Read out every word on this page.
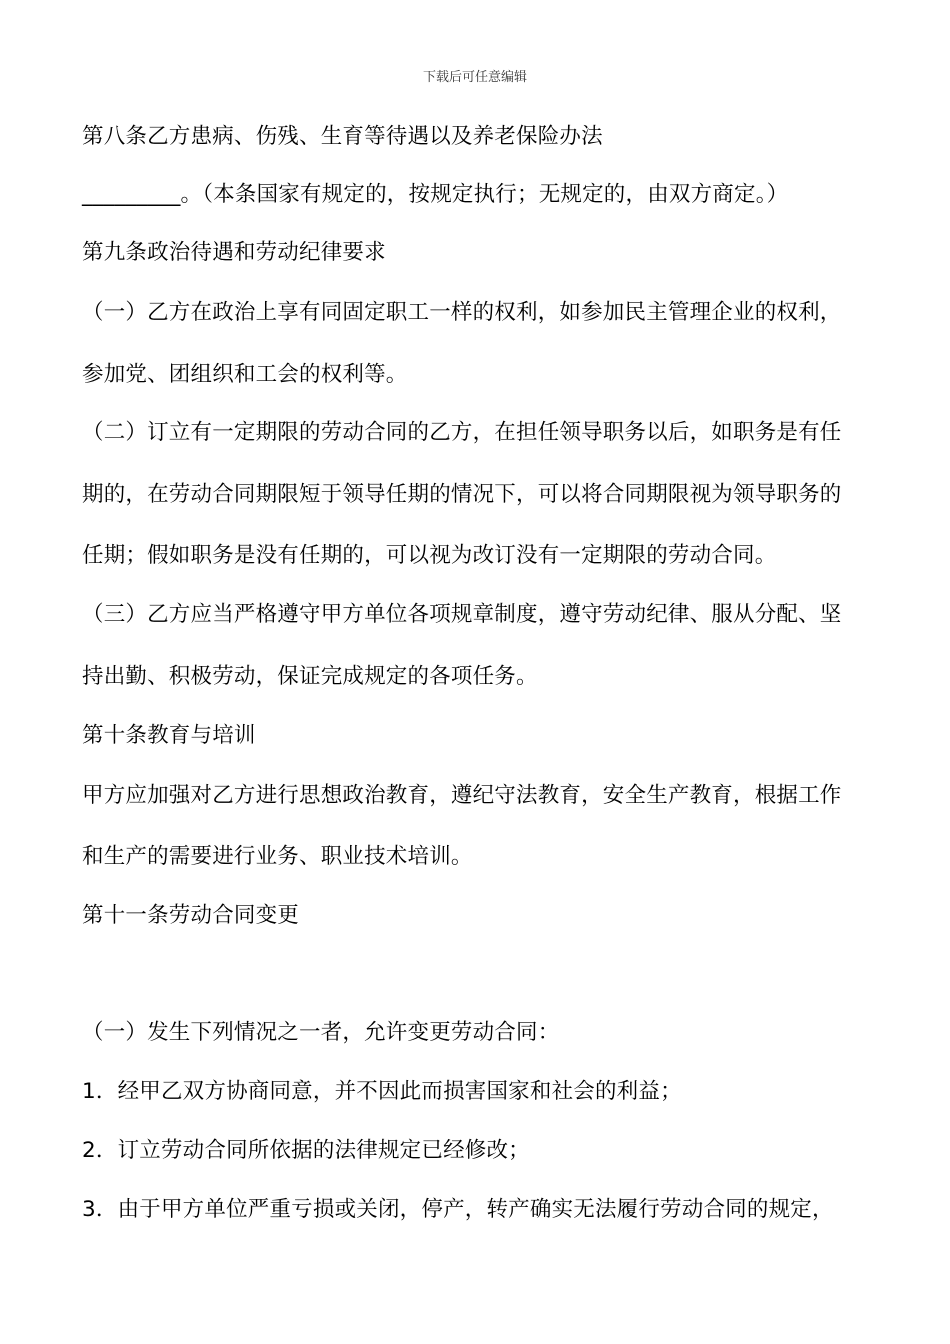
下载后可任意编辑
第八条乙方患病、伤残、生育等待遇以及养老保险办法
_________。（本条国家有规定的，按规定执行；无规定的，由双方商定。）
第九条政治待遇和劳动纪律要求
（一）乙方在政治上享有同固定职工一样的权利，如参加民主管理企业的权利，
参加党、团组织和工会的权利等。
（二）订立有一定期限的劳动合同的乙方，在担任领导职务以后，如职务是有任
期的，在劳动合同期限短于领导任期的情况下，可以将合同期限视为领导职务的
任期；假如职务是没有任期的，可以视为改订没有一定期限的劳动合同。
（三）乙方应当严格遵守甲方单位各项规章制度，遵守劳动纪律、服从分配、坚
持出勤、积极劳动，保证完成规定的各项任务。
第十条教育与培训
甲方应加强对乙方进行思想政治教育，遵纪守法教育，安全生产教育，根据工作
和生产的需要进行业务、职业技术培训。
第十一条劳动合同变更
（一）发生下列情况之一者，允许变更劳动合同：
1．经甲乙双方协商同意，并不因此而损害国家和社会的利益；
2．订立劳动合同所依据的法律规定已经修改；
3．由于甲方单位严重亏损或关闭，停产，转产确实无法履行劳动合同的规定，
